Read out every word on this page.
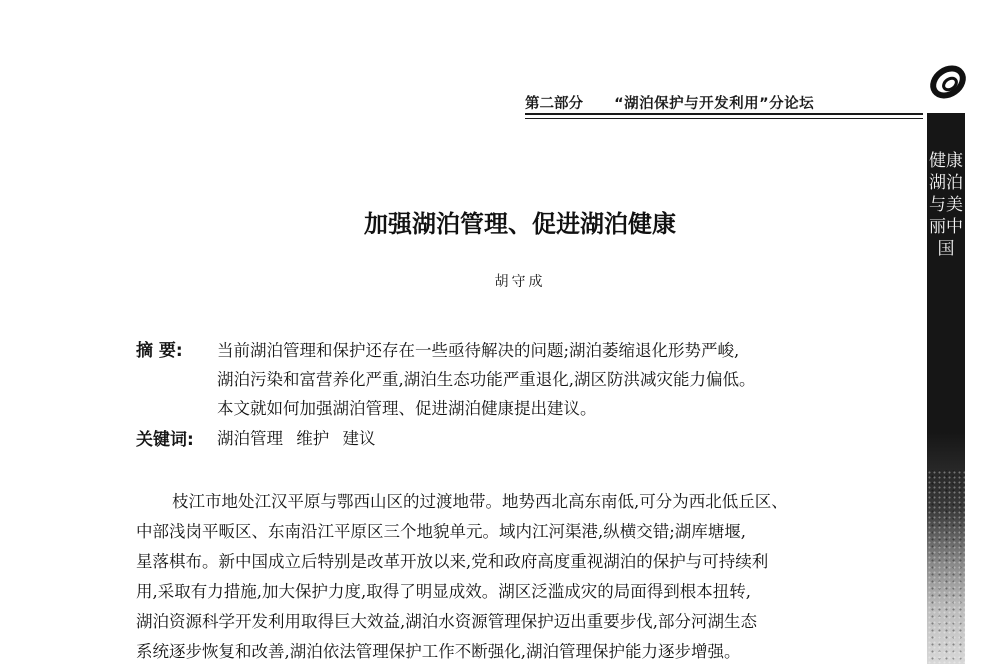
第二部分 “湖泊保护与开发利用”分论坛
健康湖泊与美丽中国
加强湖泊管理、促进湖泊健康
胡守成
摘 要: 当前湖泊管理和保护还存在一些亟待解决的问题;湖泊萎缩退化形势严峻,
湖泊污染和富营养化严重,湖泊生态功能严重退化,湖区防洪减灾能力偏低。
本文就如何加强湖泊管理、促进湖泊健康提出建议。
关键词: 湖泊管理 维护 建议
枝江市地处江汉平原与鄂西山区的过渡地带。地势西北高东南低,可分为西北低丘区、
中部浅岗平畈区、东南沿江平原区三个地貌单元。域内江河渠港,纵横交错;湖库塘堰,
星落棋布。新中国成立后特别是改革开放以来,党和政府高度重视湖泊的保护与可持续利
用,采取有力措施,加大保护力度,取得了明显成效。湖区泛滥成灾的局面得到根本扭转,
湖泊资源科学开发利用取得巨大效益,湖泊水资源管理保护迈出重要步伐,部分河湖生态
系统逐步恢复和改善,湖泊依法管理保护工作不断强化,湖泊管理保护能力逐步增强。
